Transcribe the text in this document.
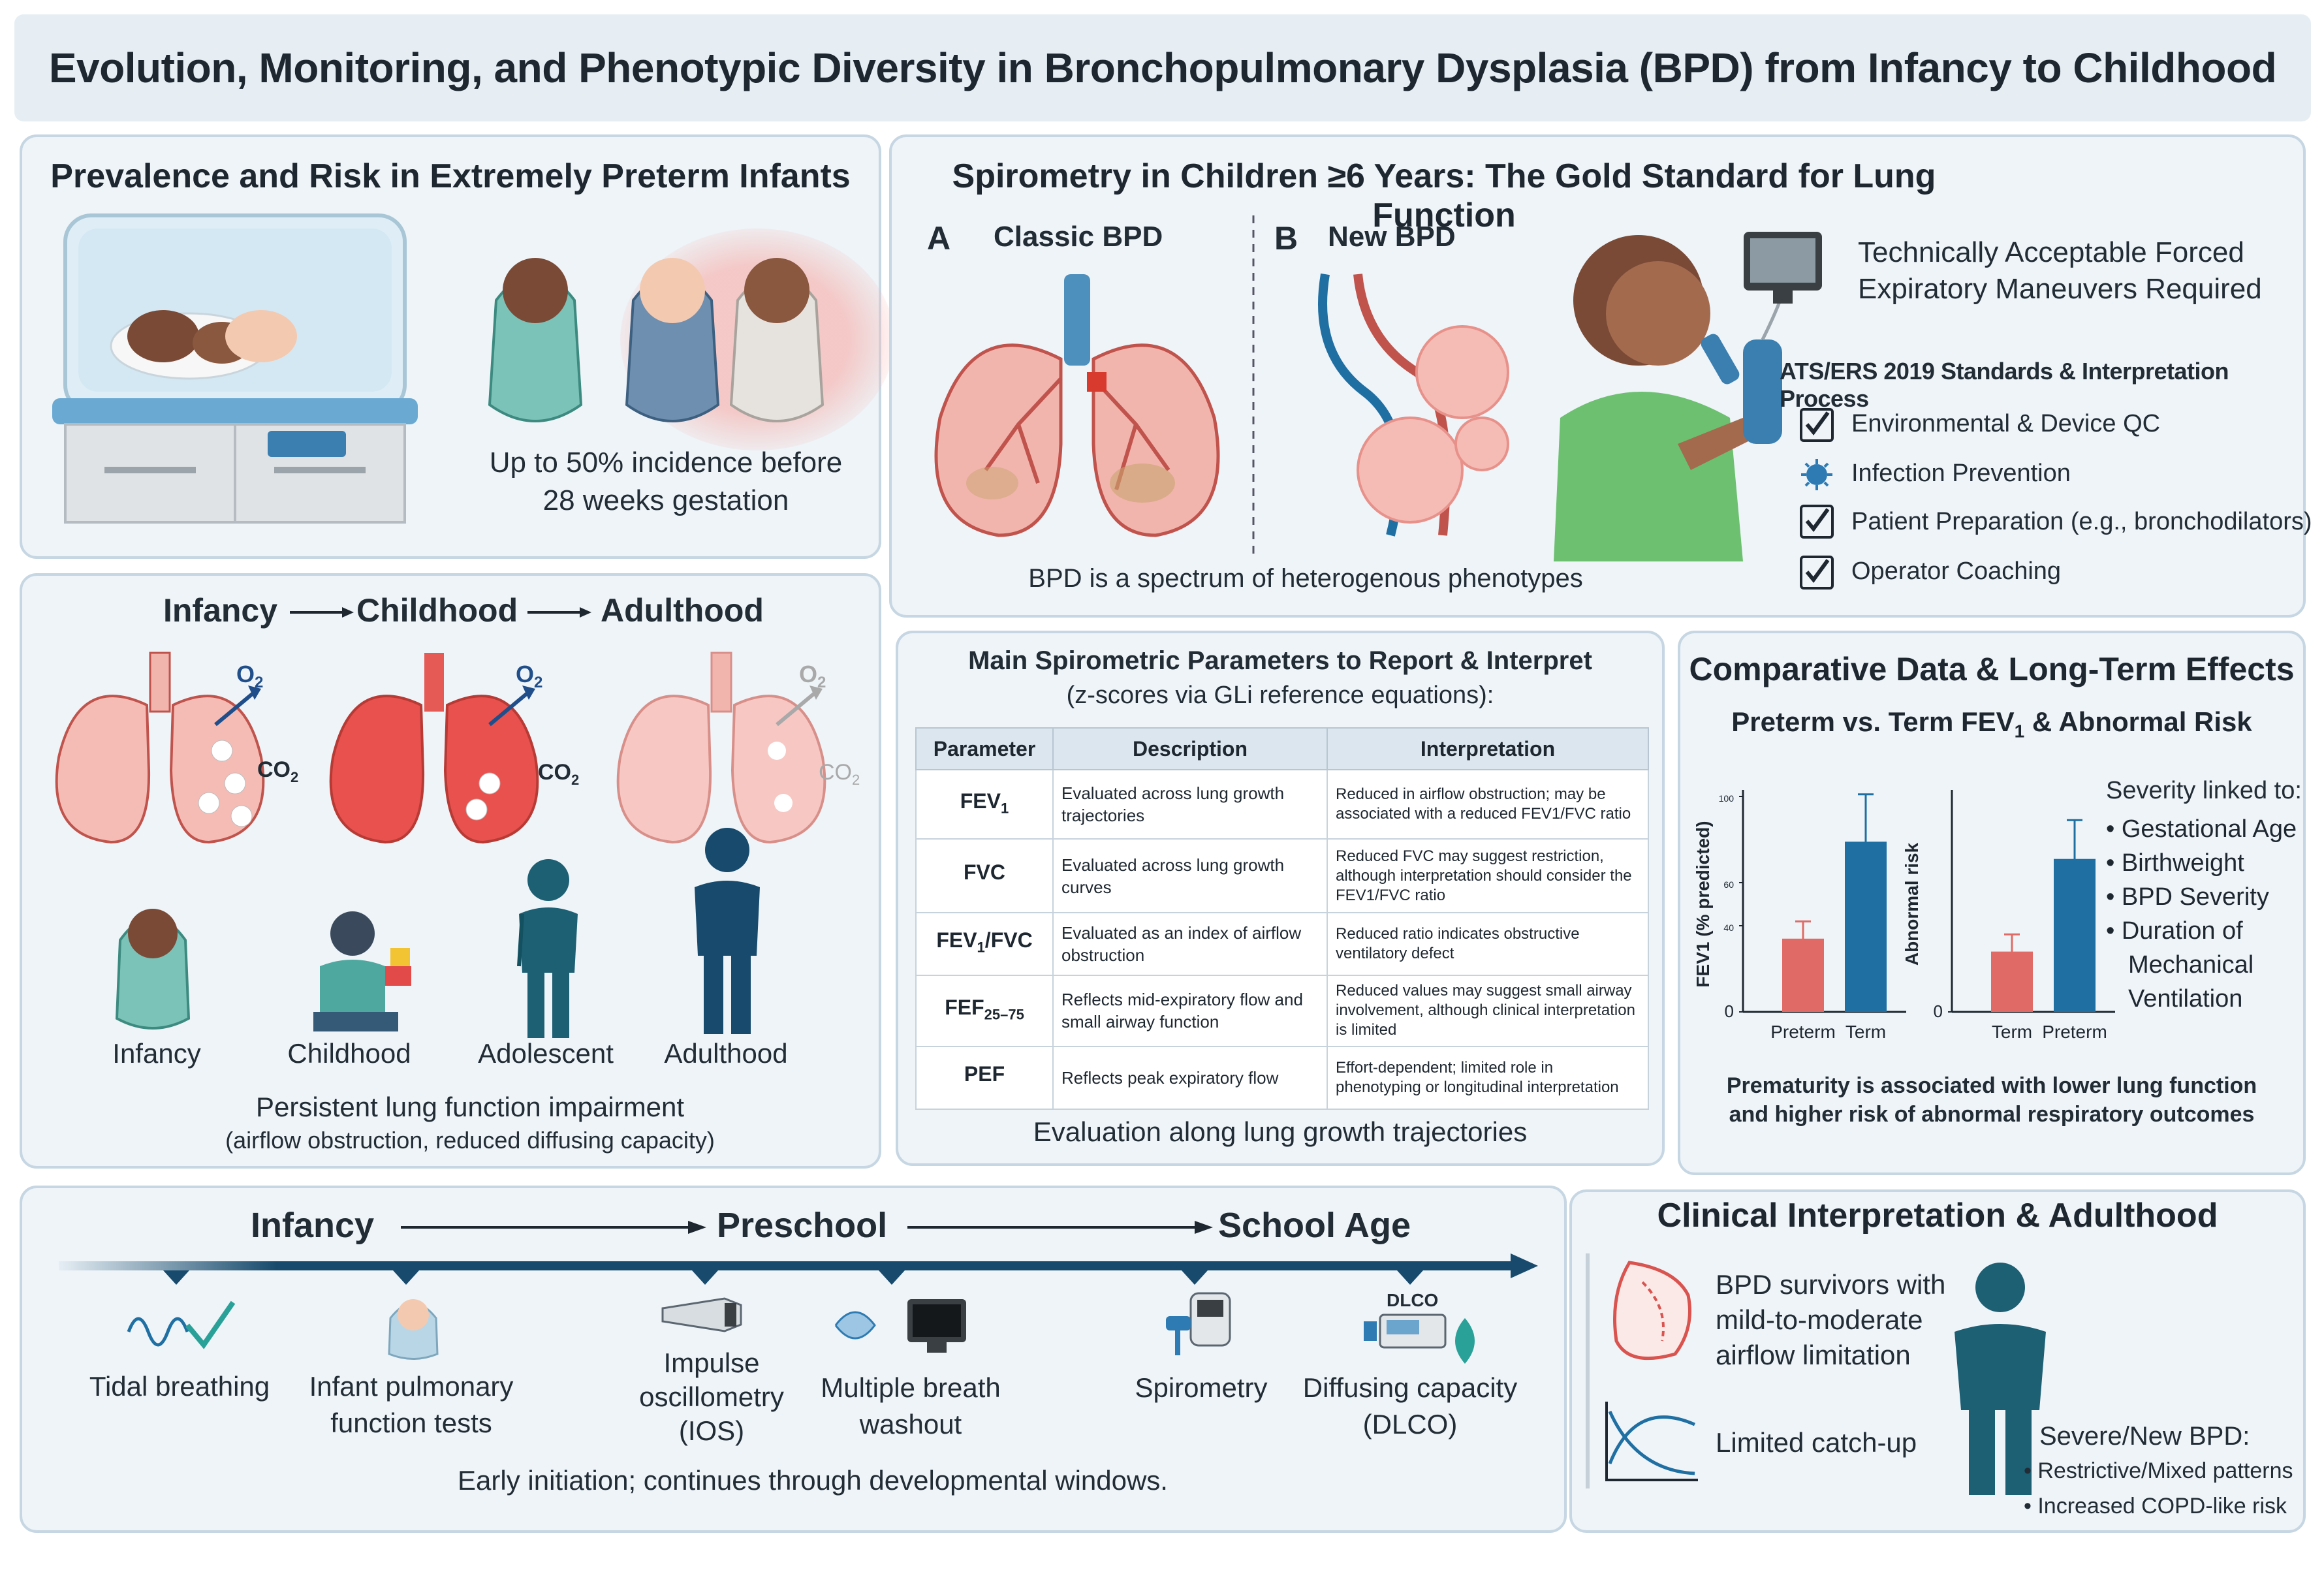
Evolution, Monitoring, and Phenotypic Diversity in Bronchopulmonary Dysplasia (BPD) from Infancy to Childhood
Prevalence and Risk in Extremely Preterm Infants
Up to 50% incidence before
28 weeks gestation
Spirometry in Children ≥6 Years: The Gold Standard for Lung Function
A Classic BPD	B New BPD
BPD is a spectrum of heterogenous phenotypes
Technically Acceptable Forced
Expiratory Maneuvers Required
ATS/ERS 2019 Standards & Interpretation Process
Environmental & Device QC
Infection Prevention
Patient Preparation (e.g., bronchodilators)
Operator Coaching
Infancy Childhood	Adulthood
$O_2$
$CO_2$
$O_2$
$CO_2$
$O_2$
$CO_2$
Infancy	Childhood	Adolescent	Adulthood
Persistent lung function impairment
(airflow obstruction, reduced diffusing capacity)
Main Spirometric Parameters to Report & Interpret
(z-scores via GLi reference equations):
Parameter	Description	Interpretation
$FEV_1$	Evaluated across lung growth trajectories	Reduced in airflow obstruction; may be associated with a reduced FEV1/FVC ratio
FVC	Evaluated across lung growth curves	Reduced FVC may suggest restriction, although interpretation should consider the FEV1/FVC ratio
$FEV_1$/FVC	Evaluated as an index of airflow obstruction	Reduced ratio indicates obstructive ventilatory defect
$FEF_{25-75}$	Reflects mid-expiratory flow and small airway function	Reduced values may suggest small airway involvement, although clinical interpretation is limited
PEF	Reflects peak expiratory flow	Effort-dependent; limited role in phenotyping or longitudinal interpretation
Evaluation along lung growth trajectories
Comparative Data & Long-Term Effects
Preterm vs. Term $FEV_1$ & Abnormal Risk
0
40
60
100
FEV1 (% predicted)
Preterm Term
0
Abnormal risk
Term Preterm
Severity linked to:
• Gestational Age
• Birthweight
• BPD Severity
• Duration of
Mechanical
Ventilation
Prematurity is associated with lower lung function
and higher risk of abnormal respiratory outcomes
Infancy	Preschool	School Age
DLCO
Tidal breathing	Infant pulmonary
function tests
Impulse
oscillometry
(IOS)
Multiple breath
washout
Spirometry	Diffusing capacity
(DLCO)
Early initiation; continues through developmental windows.
Clinical Interpretation & Adulthood
BPD survivors with
mild-to-moderate
airflow limitation
Limited catch-up	Severe/New BPD:
• Restrictive/Mixed patterns
• Increased COPD-like risk
